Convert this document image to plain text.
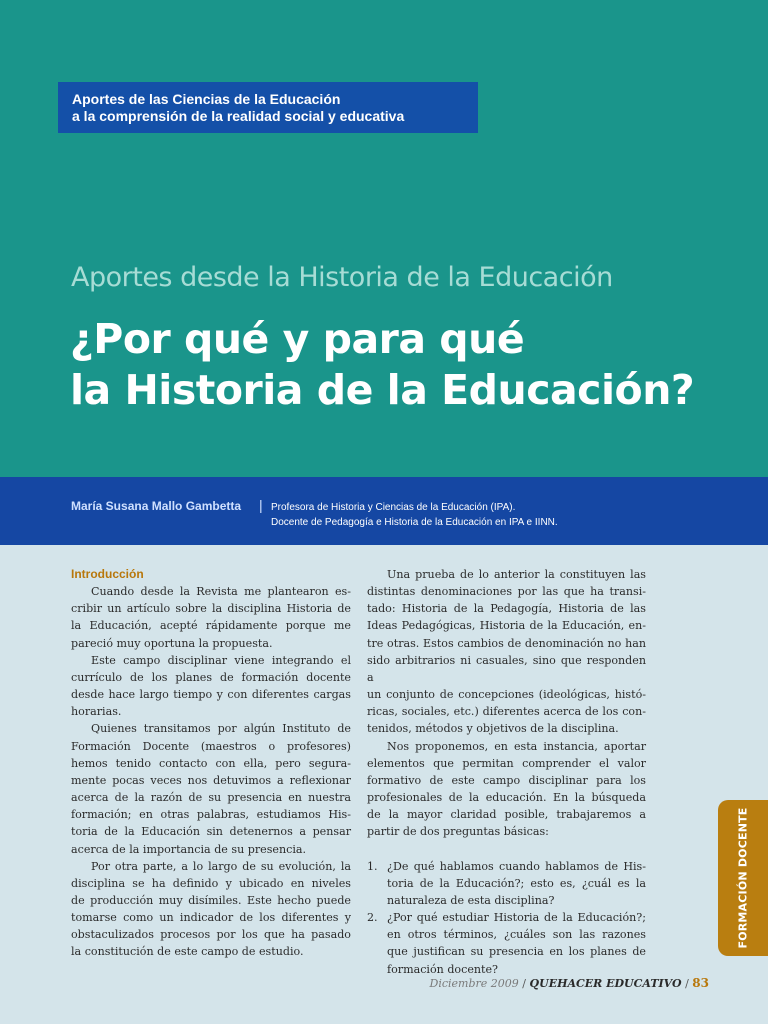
Aportes de las Ciencias de la Educación
a la comprensión de la realidad social y educativa
Aportes desde la Historia de la Educación
¿Por qué y para qué
la Historia de la Educación?
María Susana Mallo Gambetta | Profesora de Historia y Ciencias de la Educación (IPA).
Docente de Pedagogía e Historia de la Educación en IPA e IINN.
Introducción
Cuando desde la Revista me plantearon es-
cribir un artículo sobre la disciplina Historia de
la Educación, acepté rápidamente porque me
pareció muy oportuna la propuesta.
Este campo disciplinar viene integrando el
currículo de los planes de formación docente
desde hace largo tiempo y con diferentes cargas
horarias.
Quienes transitamos por algún Instituto de
Formación Docente (maestros o profesores)
hemos tenido contacto con ella, pero segura-
mente pocas veces nos detuvimos a reflexionar
acerca de la razón de su presencia en nuestra
formación; en otras palabras, estudiamos His-
toria de la Educación sin detenernos a pensar
acerca de la importancia de su presencia.
Por otra parte, a lo largo de su evolución, la
disciplina se ha definido y ubicado en niveles
de producción muy disímiles. Este hecho puede
tomarse como un indicador de los diferentes y
obstaculizados procesos por los que ha pasado
la constitución de este campo de estudio.
Una prueba de lo anterior la constituyen las
distintas denominaciones por las que ha transi-
tado: Historia de la Pedagogía, Historia de las
Ideas Pedagógicas, Historia de la Educación, en-
tre otras. Estos cambios de denominación no han
sido arbitrarios ni casuales, sino que responden a
un conjunto de concepciones (ideológicas, histó-
ricas, sociales, etc.) diferentes acerca de los con-
tenidos, métodos y objetivos de la disciplina.
Nos proponemos, en esta instancia, aportar
elementos que permitan comprender el valor
formativo de este campo disciplinar para los
profesionales de la educación. En la búsqueda
de la mayor claridad posible, trabajaremos a
partir de dos preguntas básicas:

1. ¿De qué hablamos cuando hablamos de His-
toria de la Educación?; esto es, ¿cuál es la
naturaleza de esta disciplina?
2. ¿Por qué estudiar Historia de la Educación?;
en otros términos, ¿cuáles son las razones
que justifican su presencia en los planes de
formación docente?
FORMACIÓN DOCENTE
Diciembre 2009 / QUEHACER EDUCATIVO / 83
